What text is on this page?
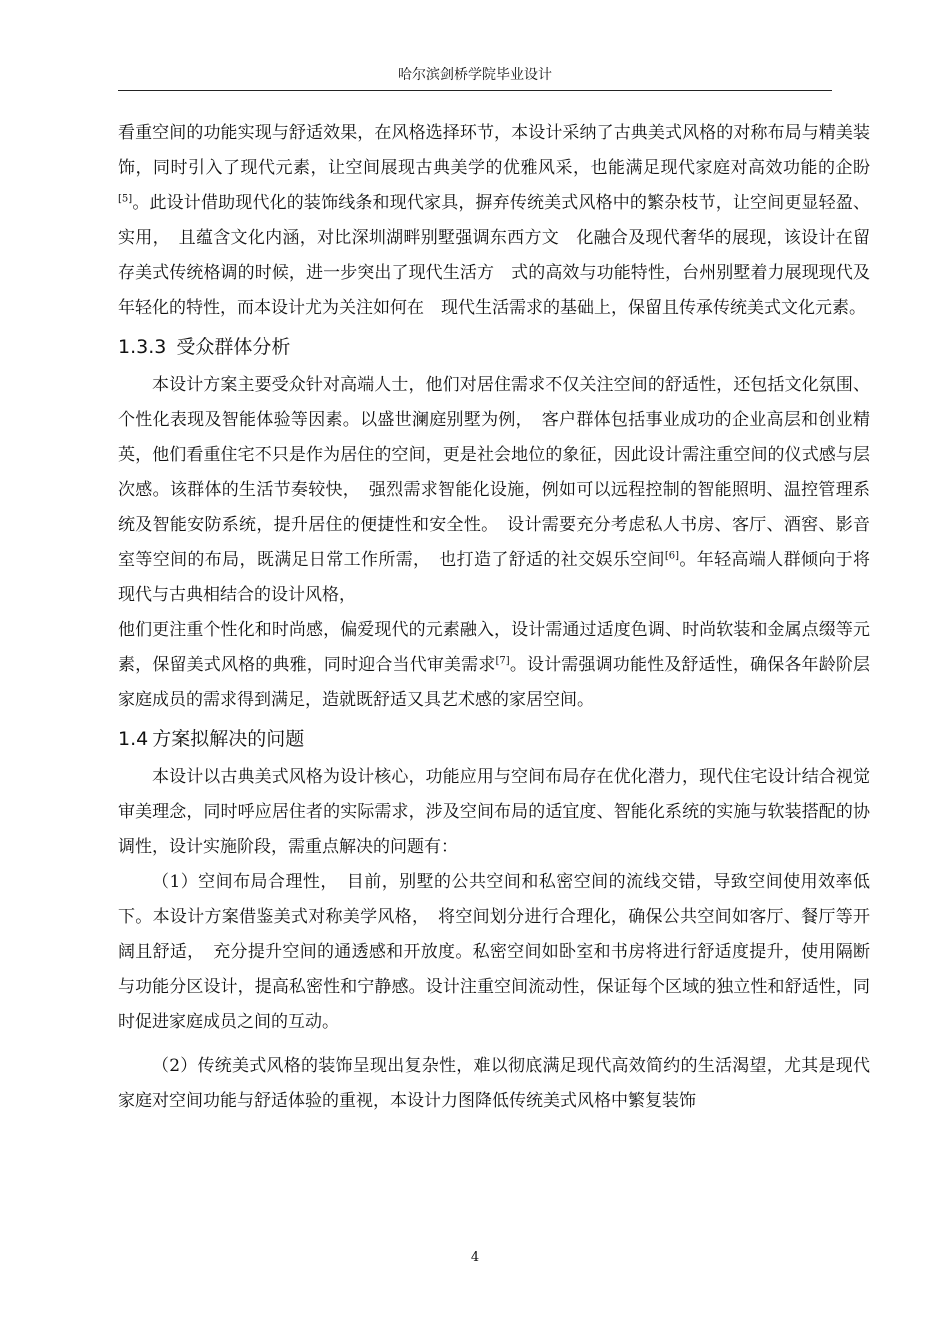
哈尔滨剑桥学院毕业设计

看重空间的功能实现与舒适效果，在风格选择环节，本设计采纳了古典美式风格的对称布局与精美装饰，同时引入了现代元素，让空间展现古典美学的优雅风采，也能满足现代家庭对高效功能的企盼[5]。此设计借助现代化的装饰线条和现代家具，摒弃传统美式风格中的繁杂枝节，让空间更显轻盈、实用，　且蕴含文化内涵，对比深圳湖畔别墅强调东西方文　化融合及现代奢华的展现，该设计在留存美式传统格调的时候，进一步突出了现代生活方　式的高效与功能特性，台州别墅着力展现现代及年轻化的特性，而本设计尤为关注如何在　现代生活需求的基础上，保留且传承传统美式文化元素。

1.3.3 受众群体分析

本设计方案主要受众针对高端人士，他们对居住需求不仅关注空间的舒适性，还包括文化氛围、个性化表现及智能体验等因素。以盛世澜庭别墅为例，　客户群体包括事业成功的企业高层和创业精英，他们看重住宅不只是作为居住的空间，更是社会地位的象征，因此设计需注重空间的仪式感与层次感。该群体的生活节奏较快，　强烈需求智能化设施，例如可以远程控制的智能照明、温控管理系统及智能安防系统，提升居住的便捷性和安全性。　设计需要充分考虑私人书房、客厅、酒窖、影音室等空间的布局，既满足日常工作所需，　也打造了舒适的社交娱乐空间[6]。年轻高端人群倾向于将现代与古典相结合的设计风格，

他们更注重个性化和时尚感，偏爱现代的元素融入，设计需通过适度色调、时尚软装和金属点缀等元素，保留美式风格的典雅，同时迎合当代审美需求[7]。设计需强调功能性及舒适性，确保各年龄阶层家庭成员的需求得到满足，造就既舒适又具艺术感的家居空间。

1.4 方案拟解决的问题

本设计以古典美式风格为设计核心，功能应用与空间布局存在优化潜力，现代住宅设计结合视觉审美理念，同时呼应居住者的实际需求，涉及空间布局的适宜度、智能化系统的实施与软装搭配的协调性，设计实施阶段，需重点解决的问题有：

（1）空间布局合理性，　目前，别墅的公共空间和私密空间的流线交错，导致空间使用效率低下。本设计方案借鉴美式对称美学风格，　将空间划分进行合理化，确保公共空间如客厅、餐厅等开阔且舒适，　充分提升空间的通透感和开放度。私密空间如卧室和书房将进行舒适度提升，使用隔断与功能分区设计，提高私密性和宁静感。设计注重空间流动性，保证每个区域的独立性和舒适性，同时促进家庭成员之间的互动。

（2）传统美式风格的装饰呈现出复杂性，难以彻底满足现代高效简约的生活渴望，尤其是现代家庭对空间功能与舒适体验的重视，本设计力图降低传统美式风格中繁复装饰

4
